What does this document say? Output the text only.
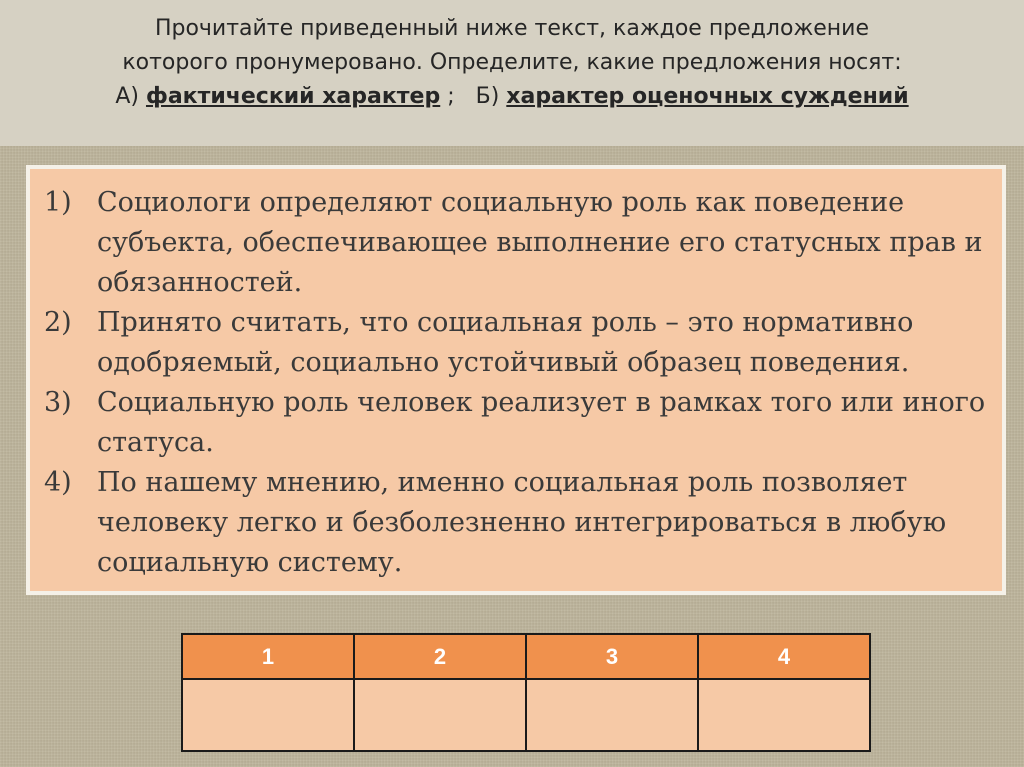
Прочитайте приведенный ниже текст, каждое предложение
которого пронумеровано. Определите, какие предложения носят:
А) фактический характер ; Б) характер оценочных суждений
1) Социологи определяют социальную роль как поведение субъекта, обеспечивающее выполнение его статусных прав и обязанностей.
2) Принято считать, что социальная роль – это нормативно одобряемый, социально устойчивый образец поведения.
3) Социальную роль человек реализует в рамках того или иного статуса.
4) По нашему мнению, именно социальная роль позволяет человеку легко и безболезненно интегрироваться в любую социальную систему.
1	2	3	4
